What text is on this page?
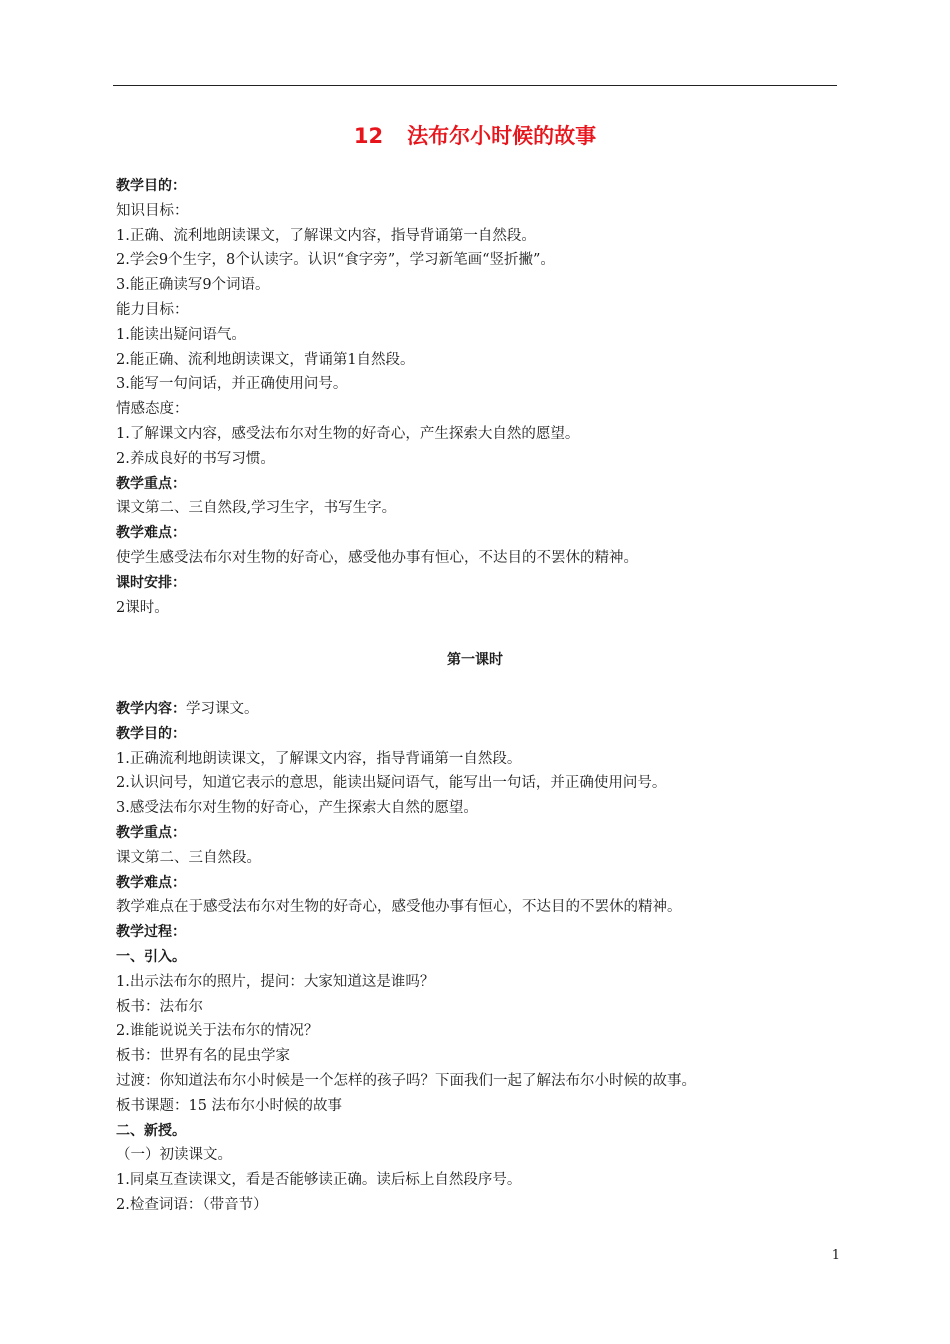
12 法布尔小时候的故事
教学目的：
知识目标：
1.正确、流利地朗读课文，了解课文内容，指导背诵第一自然段。
2.学会9个生字，8个认读字。认识“食字旁”，学习新笔画“竖折撇”。
3.能正确读写9个词语。
能力目标：
1.能读出疑问语气。
2.能正确、流利地朗读课文，背诵第1自然段。
3.能写一句问话，并正确使用问号。
情感态度：
1.了解课文内容，感受法布尔对生物的好奇心，产生探索大自然的愿望。
2.养成良好的书写习惯。
教学重点：
课文第二、三自然段,学习生字，书写生字。
教学难点：
使学生感受法布尔对生物的好奇心，感受他办事有恒心，不达目的不罢休的精神。
课时安排：
2课时。
第一课时
教学内容：学习课文。
教学目的：
1.正确流利地朗读课文，了解课文内容，指导背诵第一自然段。
2.认识问号，知道它表示的意思，能读出疑问语气，能写出一句话，并正确使用问号。
3.感受法布尔对生物的好奇心，产生探索大自然的愿望。
教学重点：
课文第二、三自然段。
教学难点：
教学难点在于感受法布尔对生物的好奇心，感受他办事有恒心，不达目的不罢休的精神。
教学过程：
一、引入。
1.出示法布尔的照片，提问：大家知道这是谁吗？
板书：法布尔
2.谁能说说关于法布尔的情况？
板书：世界有名的昆虫学家
过渡：你知道法布尔小时候是一个怎样的孩子吗？下面我们一起了解法布尔小时候的故事。
板书课题：15 法布尔小时候的故事
二、新授。
（一）初读课文。
1.同桌互查读课文，看是否能够读正确。读后标上自然段序号。
2.检查词语：（带音节）
1
